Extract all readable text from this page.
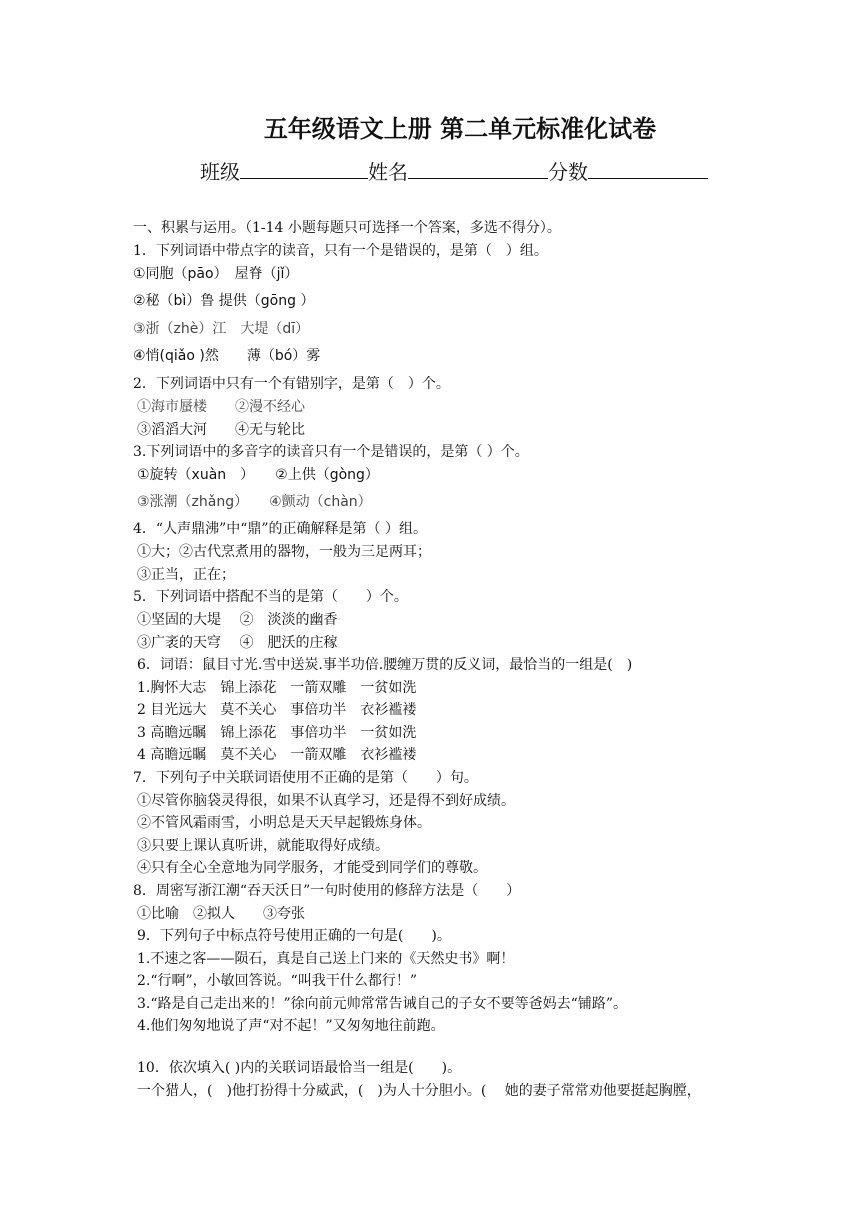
五年级语文上册 第二单元标准化试卷
班级	姓名	分数
一、积累与运用。（1-14 小题每题只可选择一个答案，多选不得分）。
1．下列词语中带点字的读音，只有一个是错误的，是第（　）组。
①同胞（pāo）　屋脊（jǐ）
②秘（bì）鲁 提供（gōng ）
③浙（zhè）江　大堤（dī）
④悄(qiǎo )然　　薄（bó）雾
2．下列词语中只有一个有错别字，是第（　）个。
①海市蜃楼　　②漫不经心
③滔滔大河　　④无与轮比
3.下列词语中的多音字的读音只有一个是错误的，是第（ ）个。
①旋转（xuàn　）　　②上供（gòng）
③涨潮（zhǎng）　　④颤动（chàn）
4．“人声鼎沸”中“鼎”的正确解释是第（ ）组。
①大；②古代烹煮用的器物，一般为三足两耳；
③正当，正在；
5．下列词语中搭配不当的是第（　　）个。
①坚固的大堤　 ②　淡淡的幽香
③广袤的天穹　 ④　肥沃的庄稼
6．词语：鼠目寸光.雪中送炭.事半功倍.腰缠万贯的反义词，最恰当的一组是(　)
1.胸怀大志　锦上添花　一箭双雕　一贫如洗
2 目光远大　莫不关心　事倍功半　衣衫褴褛
3 高瞻远瞩　锦上添花　事倍功半　一贫如洗
4 高瞻远瞩　莫不关心　一箭双雕　衣衫褴褛
7．下列句子中关联词语使用不正确的是第（　　）句。
①尽管你脑袋灵得很，如果不认真学习，还是得不到好成绩。
②不管风霜雨雪，小明总是天天早起锻炼身体。
③只要上课认真听讲，就能取得好成绩。
④只有全心全意地为同学服务，才能受到同学们的尊敬。
8．周密写浙江潮“吞天沃日”一句时使用的修辞方法是（　　）
①比喻　②拟人　　③夸张
9．下列句子中标点符号使用正确的一句是(　　)。
1.不速之客——陨石，真是自己送上门来的《天然史书》啊！
2.“行啊”，小敏回答说。“叫我干什么都行！”
3.“路是自己走出来的！”徐向前元帅常常告诫自己的子女不要等爸妈去“铺路”。
4.他们匆匆地说了声“对不起！”又匆匆地往前跑。
10．依次填入( )内的关联词语最恰当一组是(　　)。
一个猎人，(　)他打扮得十分威武，(　)为人十分胆小。(　 她的妻子常常劝他要挺起胸膛，
